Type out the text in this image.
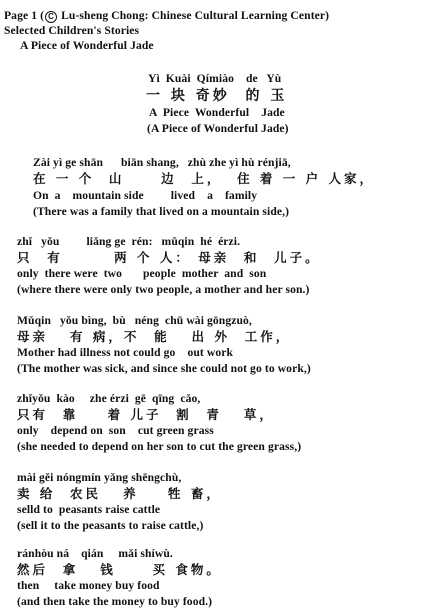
Page 1 ( C Lu-sheng Chong: Chinese Cultural Learning Center)
Selected Children's Stories
A Piece of Wonderful Jade
Yì  Kuài  Qímiào    de   Yù
一 块 奇妙  的 玉
A  Piece  Wonderful    Jade
(A Piece of Wonderful Jade)
Zài yì ge shān      biān shang,   zhù zhe yì hù rénjiā,
在 一 个  山     边  上，  住 着 一 户 人家，
On  a    mountain side         lived    a    family
(There was a family that lived on a mountain side,)
zhǐ   yǒu         liǎng ge  rén:   mǔqin  hé  érzi.
只  有       两 个 人： 母亲  和  儿子。
only  there were  two       people  mother  and  son
(where there were only two people, a mother and her son.)
Mǔqin   yǒu bìng,  bù   néng  chū wài gōngzuò,
母亲   有 病，不  能   出 外  工作，
Mother had illness not could go    out work
(The mother was sick, and since she could not go to work,)
zhǐyǒu  kào     zhe érzi  gē  qīng  cǎo,
只有  靠    着 儿子  割  青   草，
only    depend on  son    cut green grass
(she needed to depend on her son to cut the green grass,)
mài gěi nóngmín yǎng shēngchù,
卖 给  农民   养    牲 畜，
selld to  peasants raise cattle
(sell it to the peasants to raise cattle,)
ránhòu ná    qián     mǎi shíwù.
然后  拿   钱     买 食物。
then     take money buy food
(and then take the money to buy food.)
